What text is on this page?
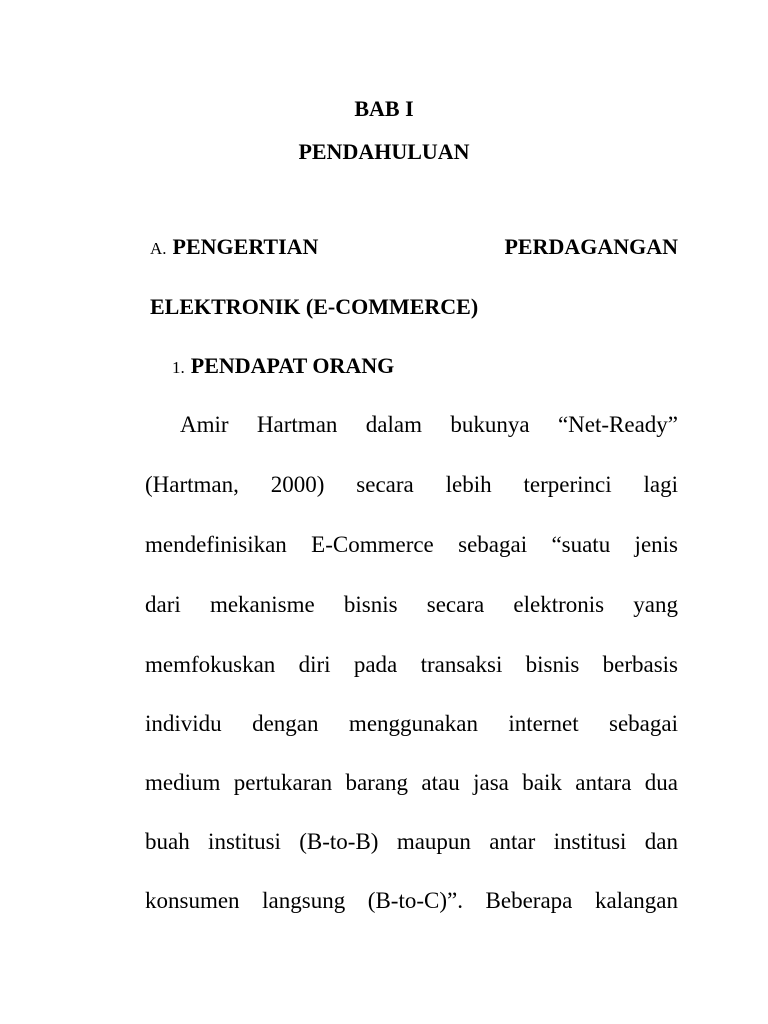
BAB I
PENDAHULUAN
A. PENGERTIAN	PERDAGANGAN
ELEKTRONIK (E-COMMERCE)
1. PENDAPAT ORANG
Amir Hartman dalam bukunya “Net-Ready”
(Hartman, 2000) secara lebih terperinci lagi
mendefinisikan E-Commerce sebagai “suatu jenis
dari mekanisme bisnis secara elektronis yang
memfokuskan diri pada transaksi bisnis berbasis
individu dengan menggunakan internet sebagai
medium pertukaran barang atau jasa baik antara dua
buah institusi (B-to-B) maupun antar institusi dan
konsumen langsung (B-to-C)”. Beberapa kalangan
